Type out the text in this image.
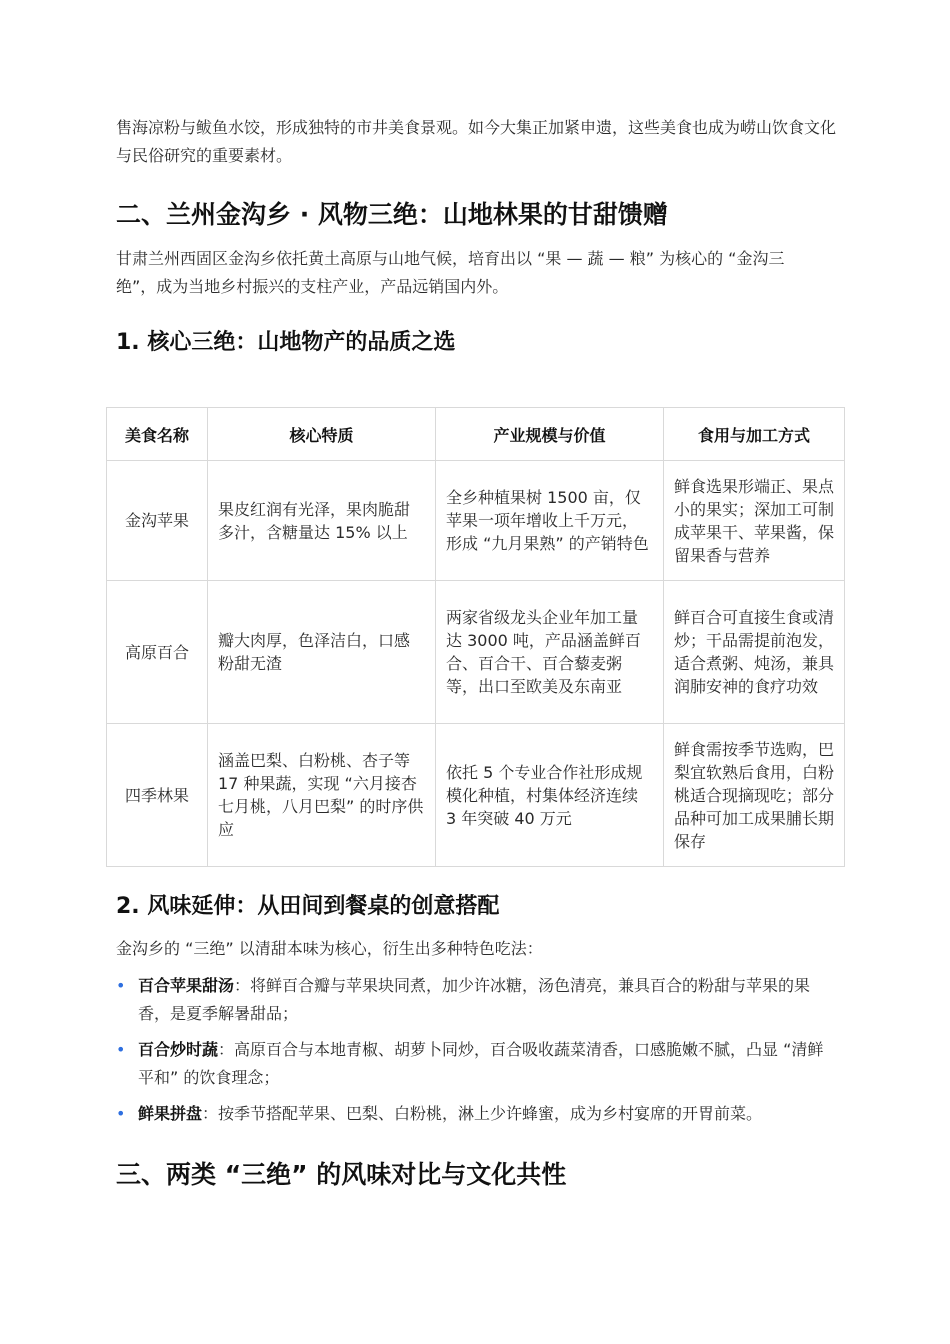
售海凉粉与鲅鱼水饺，形成独特的市井美食景观。如今大集正加紧申遗，这些美食也成为崂山饮食文化与民俗研究的重要素材。

二、兰州金沟乡 · 风物三绝：山地林果的甘甜馈赠

甘肃兰州西固区金沟乡依托黄土高原与山地气候，培育出以 “果 — 蔬 — 粮” 为核心的 “金沟三绝”，成为当地乡村振兴的支柱产业，产品远销国内外。

1. 核心三绝：山地物产的品质之选
美食名称	核心特质	产业规模与价值	食用与加工方式
金沟苹果	果皮红润有光泽，果肉脆甜多汁，含糖量达 15% 以上	全乡种植果树 1500 亩，仅苹果一项年增收上千万元，形成 “九月果熟” 的产销特色	鲜食选果形端正、果点小的果实；深加工可制成苹果干、苹果酱，保留果香与营养
高原百合	瓣大肉厚，色泽洁白，口感粉甜无渣	两家省级龙头企业年加工量达 3000 吨，产品涵盖鲜百合、百合干、百合藜麦粥等，出口至欧美及东南亚	鲜百合可直接生食或清炒；干品需提前泡发，适合煮粥、炖汤，兼具润肺安神的食疗功效
四季林果	涵盖巴梨、白粉桃、杏子等 17 种果蔬，实现 “六月接杏七月桃，八月巴梨” 的时序供应	依托 5 个专业合作社形成规模化种植，村集体经济连续 3 年突破 40 万元	鲜食需按季节选购，巴梨宜软熟后食用，白粉桃适合现摘现吃；部分品种可加工成果脯长期保存
2. 风味延伸：从田间到餐桌的创意搭配

金沟乡的 “三绝” 以清甜本味为核心，衍生出多种特色吃法：

• 百合苹果甜汤：将鲜百合瓣与苹果块同煮，加少许冰糖，汤色清亮，兼具百合的粉甜与苹果的果香，是夏季解暑甜品；
• 百合炒时蔬：高原百合与本地青椒、胡萝卜同炒，百合吸收蔬菜清香，口感脆嫩不腻，凸显 “清鲜平和” 的饮食理念；
• 鲜果拼盘：按季节搭配苹果、巴梨、白粉桃，淋上少许蜂蜜，成为乡村宴席的开胃前菜。
三、两类 “三绝” 的风味对比与文化共性
